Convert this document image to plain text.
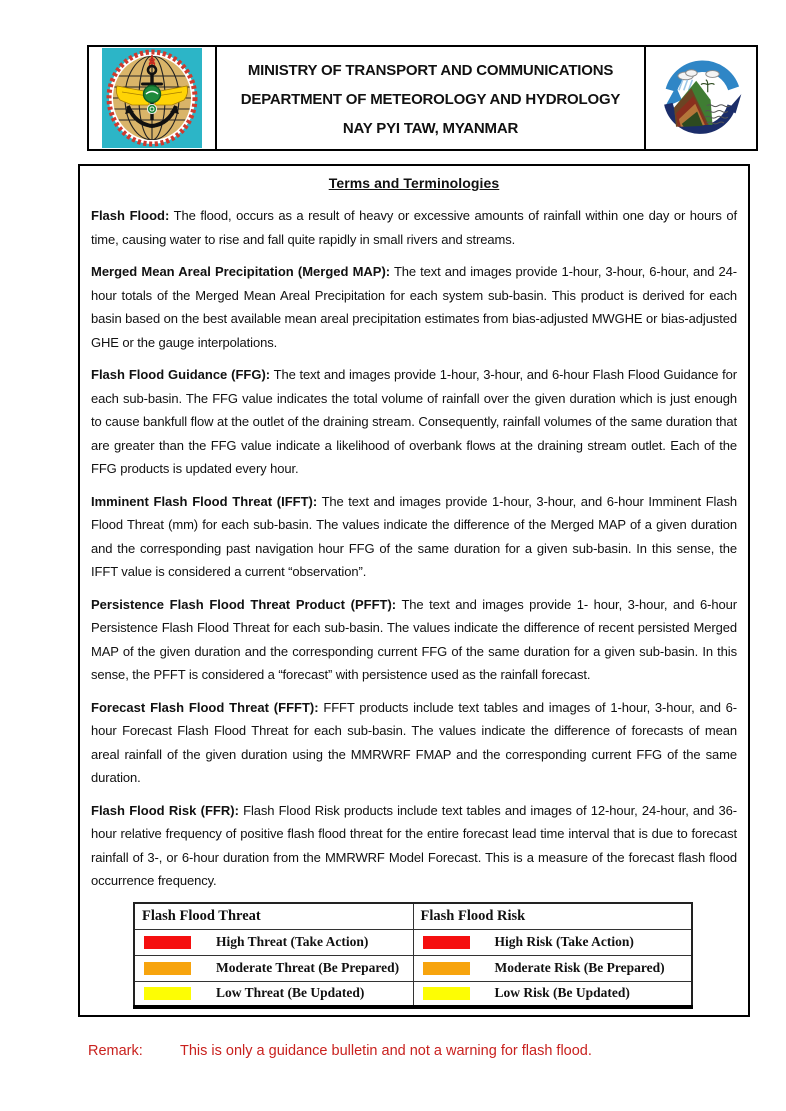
MINISTRY OF TRANSPORT AND COMMUNICATIONS
DEPARTMENT OF METEOROLOGY AND HYDROLOGY
NAY PYI TAW, MYANMAR
Terms and Terminologies

Flash Flood: The flood, occurs as a result of heavy or excessive amounts of rainfall within one day or hours of time, causing water to rise and fall quite rapidly in small rivers and streams.

Merged Mean Areal Precipitation (Merged MAP): The text and images provide 1-hour, 3-hour, 6-hour, and 24-hour totals of the Merged Mean Areal Precipitation for each system sub-basin. This product is derived for each basin based on the best available mean areal precipitation estimates from bias-adjusted MWGHE or bias-adjusted GHE or the gauge interpolations.

Flash Flood Guidance (FFG): The text and images provide 1-hour, 3-hour, and 6-hour Flash Flood Guidance for each sub-basin. The FFG value indicates the total volume of rainfall over the given duration which is just enough to cause bankfull flow at the outlet of the draining stream. Consequently, rainfall volumes of the same duration that are greater than the FFG value indicate a likelihood of overbank flows at the draining stream outlet. Each of the FFG products is updated every hour.

Imminent Flash Flood Threat (IFFT): The text and images provide 1-hour, 3-hour, and 6-hour Imminent Flash Flood Threat (mm) for each sub-basin. The values indicate the difference of the Merged MAP of a given duration and the corresponding past navigation hour FFG of the same duration for a given sub-basin. In this sense, the IFFT value is considered a current “observation”.

Persistence Flash Flood Threat Product (PFFT): The text and images provide 1- hour, 3-hour, and 6-hour Persistence Flash Flood Threat for each sub-basin. The values indicate the difference of recent persisted Merged MAP of the given duration and the corresponding current FFG of the same duration for a given sub-basin. In this sense, the PFFT is considered a “forecast” with persistence used as the rainfall forecast.

Forecast Flash Flood Threat (FFFT): FFFT products include text tables and images of 1-hour, 3-hour, and 6-hour Forecast Flash Flood Threat for each sub-basin. The values indicate the difference of forecasts of mean areal rainfall of the given duration using the MMRWRF FMAP and the corresponding current FFG of the same duration.

Flash Flood Risk (FFR): Flash Flood Risk products include text tables and images of 12-hour, 24-hour, and 36-hour relative frequency of positive flash flood threat for the entire forecast lead time interval that is due to forecast rainfall of 3-, or 6-hour duration from the MMRWRF Model Forecast. This is a measure of the forecast flash flood occurrence frequency.

Flash Flood Threat	Flash Flood Risk

High Threat (Take Action)	High Risk (Take Action)

Moderate Threat (Be Prepared)	Moderate Risk (Be Prepared)

Low Threat (Be Updated)	Low Risk (Be Updated)
Remark:	This is only a guidance bulletin and not a warning for flash flood.
